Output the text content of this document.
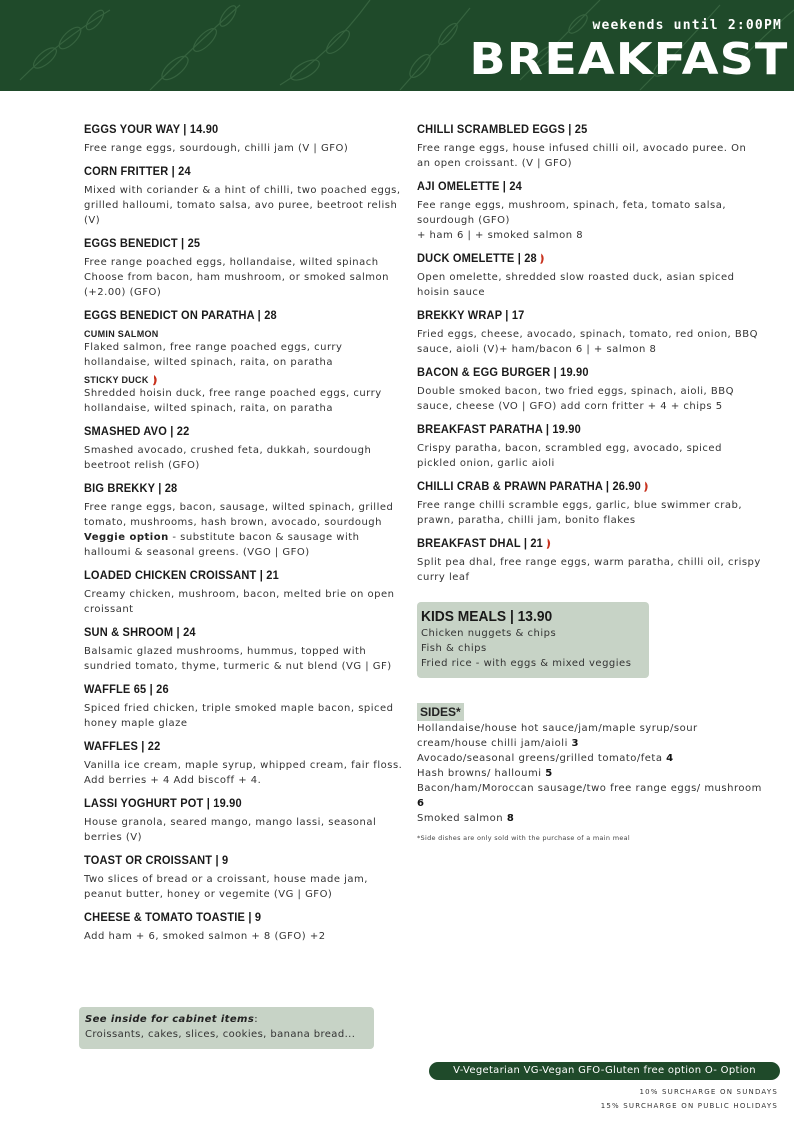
weekends until 2:00PM
BREAKFAST
EGGS YOUR WAY | 14.90
Free range eggs, sourdough, chilli jam (V | GFO)
CORN FRITTER | 24
Mixed with coriander & a hint of chilli, two poached eggs, grilled halloumi, tomato salsa, avo puree, beetroot relish (V)
EGGS BENEDICT | 25
Free range poached eggs, hollandaise, wilted spinach
Choose from bacon, ham mushroom, or smoked salmon (+2.00) (GFO)
EGGS BENEDICT ON PARATHA | 28
CUMIN SALMON
Flaked salmon, free range poached eggs, curry hollandaise, wilted spinach, raita, on paratha
STICKY DUCK
Shredded hoisin duck, free range poached eggs, curry hollandaise, wilted spinach, raita, on paratha
SMASHED AVO | 22
Smashed avocado, crushed feta, dukkah, sourdough beetroot relish (GFO)
BIG BREKKY | 28
Free range eggs, bacon, sausage, wilted spinach, grilled tomato, mushrooms, hash brown, avocado, sourdough
Veggie option - substitute bacon & sausage with halloumi & seasonal greens. (VGO | GFO)
LOADED CHICKEN CROISSANT | 21
Creamy chicken, mushroom, bacon, melted brie on open croissant
SUN & SHROOM | 24
Balsamic glazed mushrooms, hummus, topped with sundried tomato, thyme, turmeric & nut blend (VG | GF)
WAFFLE 65 | 26
Spiced fried chicken, triple smoked maple bacon, spiced honey maple glaze
WAFFLES | 22
Vanilla ice cream, maple syrup, whipped cream, fair floss. Add berries + 4 Add biscoff + 4.
LASSI YOGHURT POT | 19.90
House granola, seared mango, mango lassi, seasonal berries (V)
TOAST OR CROISSANT | 9
Two slices of bread or a croissant, house made jam, peanut butter, honey or vegemite (VG | GFO)
CHEESE & TOMATO TOASTIE | 9
Add ham + 6, smoked salmon + 8 (GFO) +2
CHILLI SCRAMBLED EGGS | 25
Free range eggs, house infused chilli oil, avocado puree. On an open croissant. (V | GFO)
AJI OMELETTE | 24
Fee range eggs, mushroom, spinach, feta, tomato salsa, sourdough (GFO)
+ ham 6 | + smoked salmon 8
DUCK OMELETTE | 28
Open omelette, shredded slow roasted duck, asian spiced hoisin sauce
BREKKY WRAP | 17
Fried eggs, cheese, avocado, spinach, tomato, red onion, BBQ sauce, aioli (V)+ ham/bacon 6 | + salmon 8
BACON & EGG BURGER | 19.90
Double smoked bacon, two fried eggs, spinach, aioli, BBQ sauce, cheese (VO | GFO) add corn fritter + 4 + chips 5
BREAKFAST PARATHA | 19.90
Crispy paratha, bacon, scrambled egg, avocado, spiced pickled onion, garlic aioli
CHILLI CRAB & PRAWN PARATHA | 26.90
Free range chilli scramble eggs, garlic, blue swimmer crab, prawn, paratha, chilli jam, bonito flakes
BREAKFAST DHAL | 21
Split pea dhal, free range eggs, warm paratha, chilli oil, crispy curry leaf
KIDS MEALS | 13.90
Chicken nuggets & chips
Fish & chips
Fried rice - with eggs & mixed veggies
SIDES*
Hollandaise/house hot sauce/jam/maple syrup/sour cream/house chilli jam/aioli 3
Avocado/seasonal greens/grilled tomato/feta 4
Hash browns/ halloumi 5
Bacon/ham/Moroccan sausage/two free range eggs/ mushroom 6
Smoked salmon 8
*Side dishes are only sold with the purchase of a main meal
See inside for cabinet items:
Croissants, cakes, slices, cookies, banana bread...
V-Vegetarian VG-Vegan GFO-Gluten free option O- Option
10% SURCHARGE ON SUNDAYS
15% SURCHARGE ON PUBLIC HOLIDAYS
